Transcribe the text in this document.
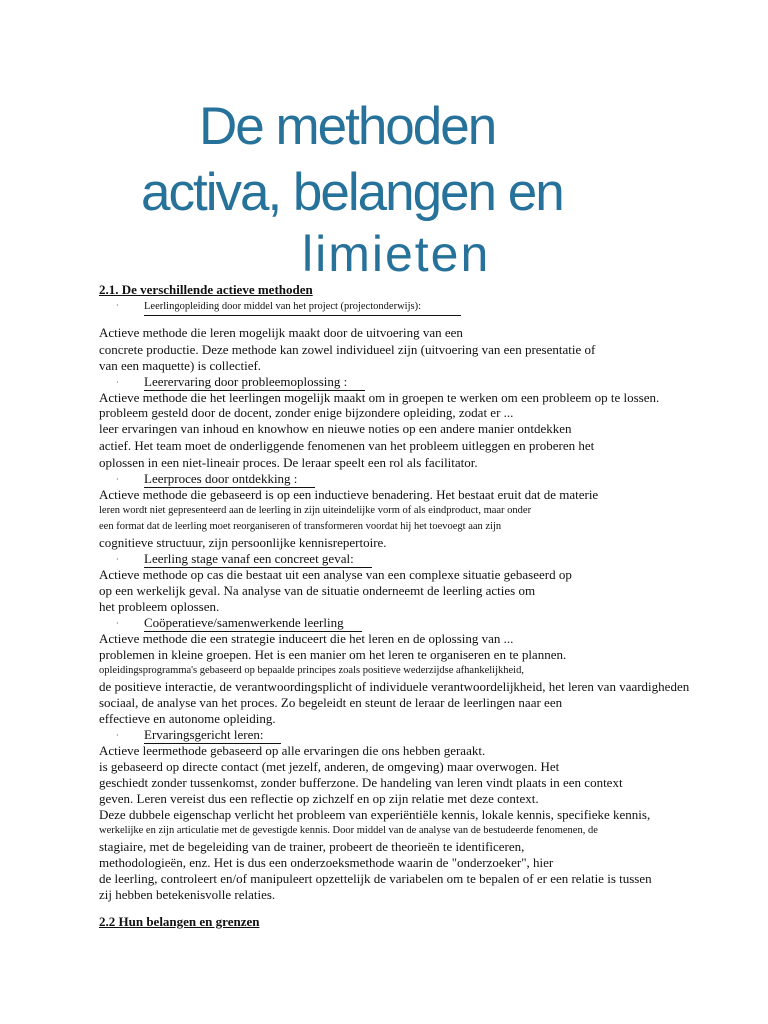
De methoden
activa, belangen en
limieten
2.1. De verschillende actieve methoden
· Leerlingopleiding door middel van het project (projectonderwijs):
Actieve methode die leren mogelijk maakt door de uitvoering van een
concrete productie. Deze methode kan zowel individueel zijn (uitvoering van een presentatie of
van een maquette) is collectief.
· Leerervaring door probleemoplossing :
Actieve methode die het leerlingen mogelijk maakt om in groepen te werken om een probleem op te lossen.
probleem gesteld door de docent, zonder enige bijzondere opleiding, zodat er ...
leer ervaringen van inhoud en knowhow en nieuwe noties op een andere manier ontdekken
actief. Het team moet de onderliggende fenomenen van het probleem uitleggen en proberen het
oplossen in een niet-lineair proces. De leraar speelt een rol als facilitator.
· Leerproces door ontdekking :
Actieve methode die gebaseerd is op een inductieve benadering. Het bestaat eruit dat de materie
leren wordt niet gepresenteerd aan de leerling in zijn uiteindelijke vorm of als eindproduct, maar onder
een format dat de leerling moet reorganiseren of transformeren voordat hij het toevoegt aan zijn
cognitieve structuur, zijn persoonlijke kennisrepertoire.
· Leerling stage vanaf een concreet geval:
Actieve methode op cas die bestaat uit een analyse van een complexe situatie gebaseerd op
op een werkelijk geval. Na analyse van de situatie onderneemt de leerling acties om
het probleem oplossen.
· Coöperatieve/samenwerkende leerling
Actieve methode die een strategie induceert die het leren en de oplossing van ...
problemen in kleine groepen. Het is een manier om het leren te organiseren en te plannen.
opleidingsprogramma's gebaseerd op bepaalde principes zoals positieve wederzijdse afhankelijkheid,
de positieve interactie, de verantwoordingsplicht of individuele verantwoordelijkheid, het leren van vaardigheden
sociaal, de analyse van het proces. Zo begeleidt en steunt de leraar de leerlingen naar een
effectieve en autonome opleiding.
· Ervaringsgericht leren:
Actieve leermethode gebaseerd op alle ervaringen die ons hebben geraakt.
is gebaseerd op directe contact (met jezelf, anderen, de omgeving) maar overwogen. Het
geschiedt zonder tussenkomst, zonder bufferzone. De handeling van leren vindt plaats in een context
geven. Leren vereist dus een reflectie op zichzelf en op zijn relatie met deze context.
Deze dubbele eigenschap verlicht het probleem van experiëntiële kennis, lokale kennis, specifieke kennis,
werkelijke en zijn articulatie met de gevestigde kennis. Door middel van de analyse van de bestudeerde fenomenen, de
stagiaire, met de begeleiding van de trainer, probeert de theorieën te identificeren,
methodologieën, enz. Het is dus een onderzoeksmethode waarin de "onderzoeker", hier
de leerling, controleert en/of manipuleert opzettelijk de variabelen om te bepalen of er een relatie is tussen
zij hebben betekenisvolle relaties.
2.2 Hun belangen en grenzen
